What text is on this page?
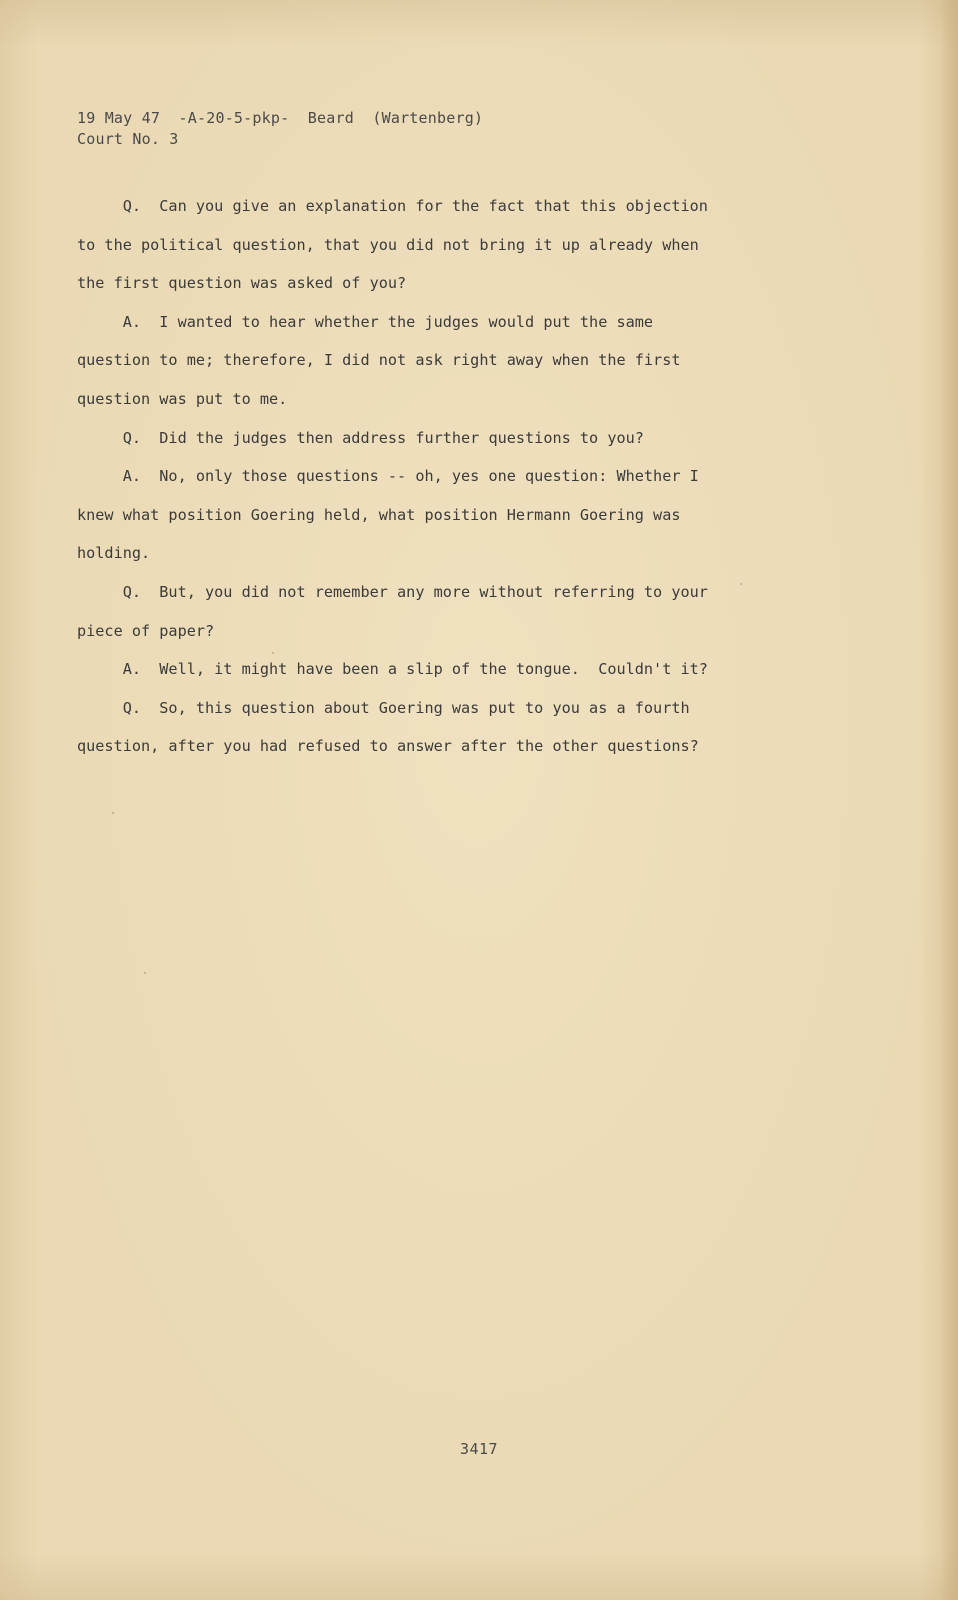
19 May 47  -A-20-5-pkp-  Beard  (Wartenberg)
Court No. 3
Q.  Can you give an explanation for the fact that this objection
to the political question, that you did not bring it up already when
the first question was asked of you?
A.  I wanted to hear whether the judges would put the same
question to me; therefore, I did not ask right away when the first
question was put to me.
Q.  Did the judges then address further questions to you?
A.  No, only those questions -- oh, yes one question: Whether I
knew what position Goering held, what position Hermann Goering was
holding.
Q.  But, you did not remember any more without referring to your
piece of paper?
A.  Well, it might have been a slip of the tongue.  Couldn't it?
Q.  So, this question about Goering was put to you as a fourth
question, after you had refused to answer after the other questions?
3417
